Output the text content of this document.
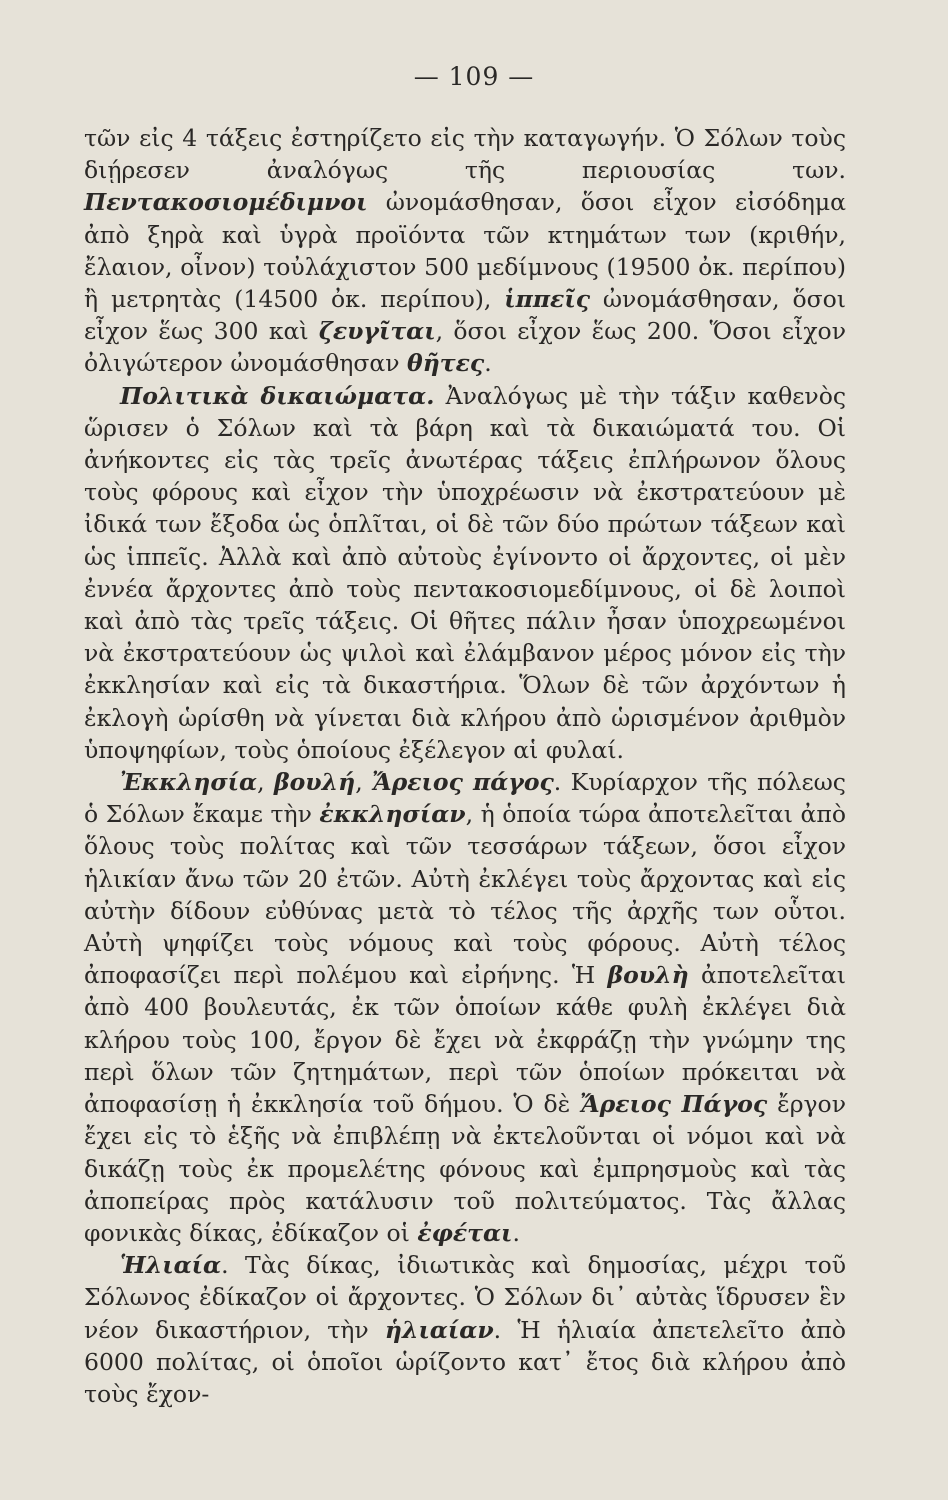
— 109 —

τῶν εἰς 4 τάξεις ἐστηρίζετο εἰς τὴν καταγωγήν. Ὁ Σόλων τοὺς διῄρεσεν ἀναλόγως τῆς περιουσίας των. Πεντακοσιομέδιμνοι ὠνομάσθησαν, ὅσοι εἶχον εἰσόδημα ἀπὸ ξηρὰ καὶ ὑγρὰ προϊόντα τῶν κτημάτων των (κριθήν, ἔλαιον, οἶνον) τοὐλάχιστον 500 μεδίμνους (19500 ὀκ. περίπου) ἢ μετρητὰς (14500 ὀκ. περίπου), ἱππεῖς ὠνομάσθησαν, ὅσοι εἶχον ἕως 300 καὶ ζευγῖται, ὅσοι εἶχον ἕως 200. Ὅσοι εἶχον ὀλιγώτερον ὠνομάσθησαν θῆτες.

Πολιτικὰ δικαιώματα. Ἀναλόγως μὲ τὴν τάξιν καθενὸς ὥρισεν ὁ Σόλων καὶ τὰ βάρη καὶ τὰ δικαιώματά του. Οἱ ἀνήκοντες εἰς τὰς τρεῖς ἀνωτέρας τάξεις ἐπλήρωνον ὅλους τοὺς φόρους καὶ εἶχον τὴν ὑποχρέωσιν νὰ ἐκστρατεύουν μὲ ἰδικά των ἔξοδα ὡς ὁπλῖται, οἱ δὲ τῶν δύο πρώτων τάξεων καὶ ὡς ἱππεῖς. Ἀλλὰ καὶ ἀπὸ αὐτοὺς ἐγίνοντο οἱ ἄρχοντες, οἱ μὲν ἐννέα ἄρχοντες ἀπὸ τοὺς πεντακοσιομεδίμνους, οἱ δὲ λοιποὶ καὶ ἀπὸ τὰς τρεῖς τάξεις. Οἱ θῆτες πάλιν ἦσαν ὑποχρεωμένοι νὰ ἐκστρατεύουν ὡς ψιλοὶ καὶ ἐλάμβανον μέρος μόνον εἰς τὴν ἐκκλησίαν καὶ εἰς τὰ δικαστήρια. Ὅλων δὲ τῶν ἀρχόντων ἡ ἐκλογὴ ὡρίσθη νὰ γίνεται διὰ κλήρου ἀπὸ ὡρισμένον ἀριθμὸν ὑποψηφίων, τοὺς ὁποίους ἐξέλεγον αἱ φυλαί.

Ἐκκλησία, βουλή, Ἄρειος πάγος. Κυρίαρχον τῆς πόλεως ὁ Σόλων ἔκαμε τὴν ἐκκλησίαν, ἡ ὁποία τώρα ἀποτελεῖται ἀπὸ ὅλους τοὺς πολίτας καὶ τῶν τεσσάρων τάξεων, ὅσοι εἶχον ἡλικίαν ἄνω τῶν 20 ἐτῶν. Αὐτὴ ἐκλέγει τοὺς ἄρχοντας καὶ εἰς αὐτὴν δίδουν εὐθύνας μετὰ τὸ τέλος τῆς ἀρχῆς των οὗτοι. Αὐτὴ ψηφίζει τοὺς νόμους καὶ τοὺς φόρους. Αὐτὴ τέλος ἀποφασίζει περὶ πολέμου καὶ εἰρήνης. Ἡ βουλὴ ἀποτελεῖται ἀπὸ 400 βουλευτάς, ἐκ τῶν ὁποίων κάθε φυλὴ ἐκλέγει διὰ κλήρου τοὺς 100, ἔργον δὲ ἔχει νὰ ἐκφράζῃ τὴν γνώμην της περὶ ὅλων τῶν ζητημάτων, περὶ τῶν ὁποίων πρόκειται νὰ ἀποφασίσῃ ἡ ἐκκλησία τοῦ δήμου. Ὁ δὲ Ἄρειος Πάγος ἔργον ἔχει εἰς τὸ ἑξῆς νὰ ἐπιβλέπῃ νὰ ἐκτελοῦνται οἱ νόμοι καὶ νὰ δικάζῃ τοὺς ἐκ προμελέτης φόνους καὶ ἐμπρησμοὺς καὶ τὰς ἀποπείρας πρὸς κατάλυσιν τοῦ πολιτεύματος. Τὰς ἄλλας φονικὰς δίκας, ἐδίκαζον οἱ ἐφέται.

Ἡλιαία. Τὰς δίκας, ἰδιωτικὰς καὶ δημοσίας, μέχρι τοῦ Σόλωνος ἐδίκαζον οἱ ἄρχοντες. Ὁ Σόλων δι᾽ αὐτὰς ἵδρυσεν ἓν νέον δικαστήριον, τὴν ἡλιαίαν. Ἡ ἡλιαία ἀπετελεῖτο ἀπὸ 6000 πολίτας, οἱ ὁποῖοι ὡρίζοντο κατ᾽ ἔτος διὰ κλήρου ἀπὸ τοὺς ἔχον-
